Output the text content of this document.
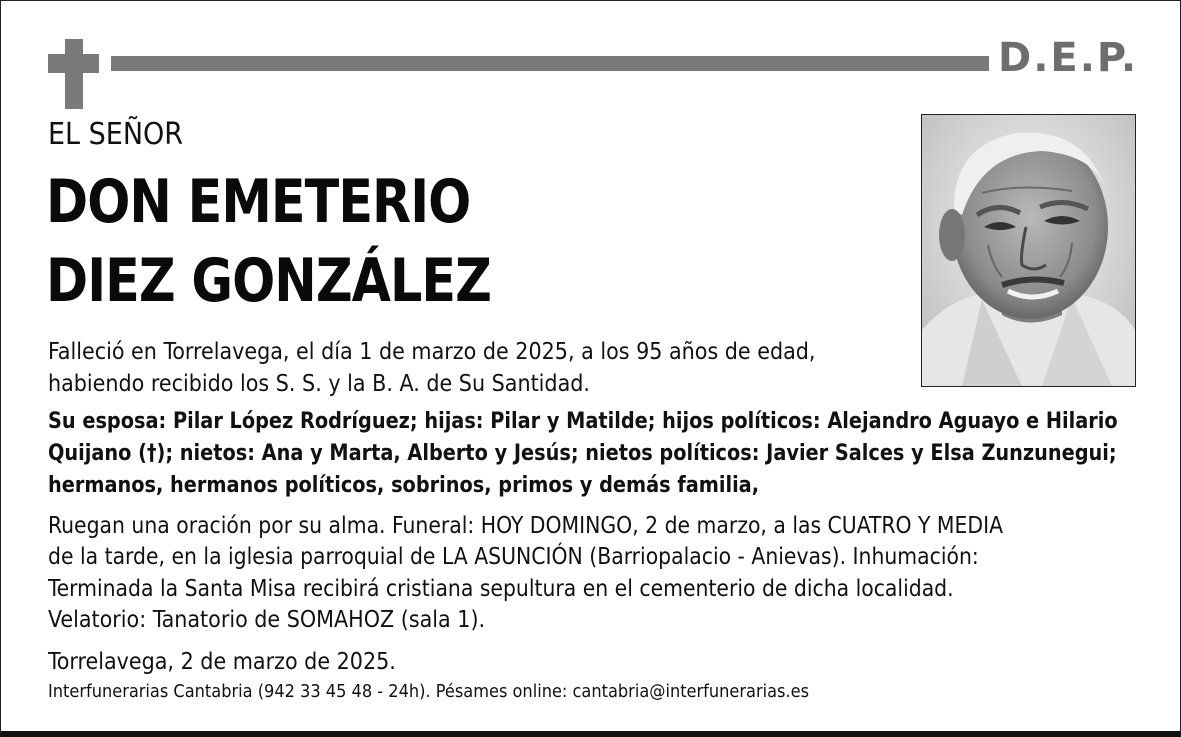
D.E.P.
EL SEÑOR
DON EMETERIO
DIEZ GONZÁLEZ
Falleció en Torrelavega, el día 1 de marzo de 2025, a los 95 años de edad,
habiendo recibido los S. S. y la B. A. de Su Santidad.
Su esposa: Pilar López Rodríguez; hijas: Pilar y Matilde; hijos políticos: Alejandro Aguayo e Hilario
Quijano (†); nietos: Ana y Marta, Alberto y Jesús; nietos políticos: Javier Salces y Elsa Zunzunegui;
hermanos, hermanos políticos, sobrinos, primos y demás familia,
Ruegan una oración por su alma. Funeral: HOY DOMINGO, 2 de marzo, a las CUATRO Y MEDIA
de la tarde, en la iglesia parroquial de LA ASUNCIÓN (Barriopalacio - Anievas). Inhumación:
Terminada la Santa Misa recibirá cristiana sepultura en el cementerio de dicha localidad.
Velatorio: Tanatorio de SOMAHOZ (sala 1).
Torrelavega, 2 de marzo de 2025.
Interfunerarias Cantabria (942 33 45 48 - 24h). Pésames online: cantabria@interfunerarias.es
